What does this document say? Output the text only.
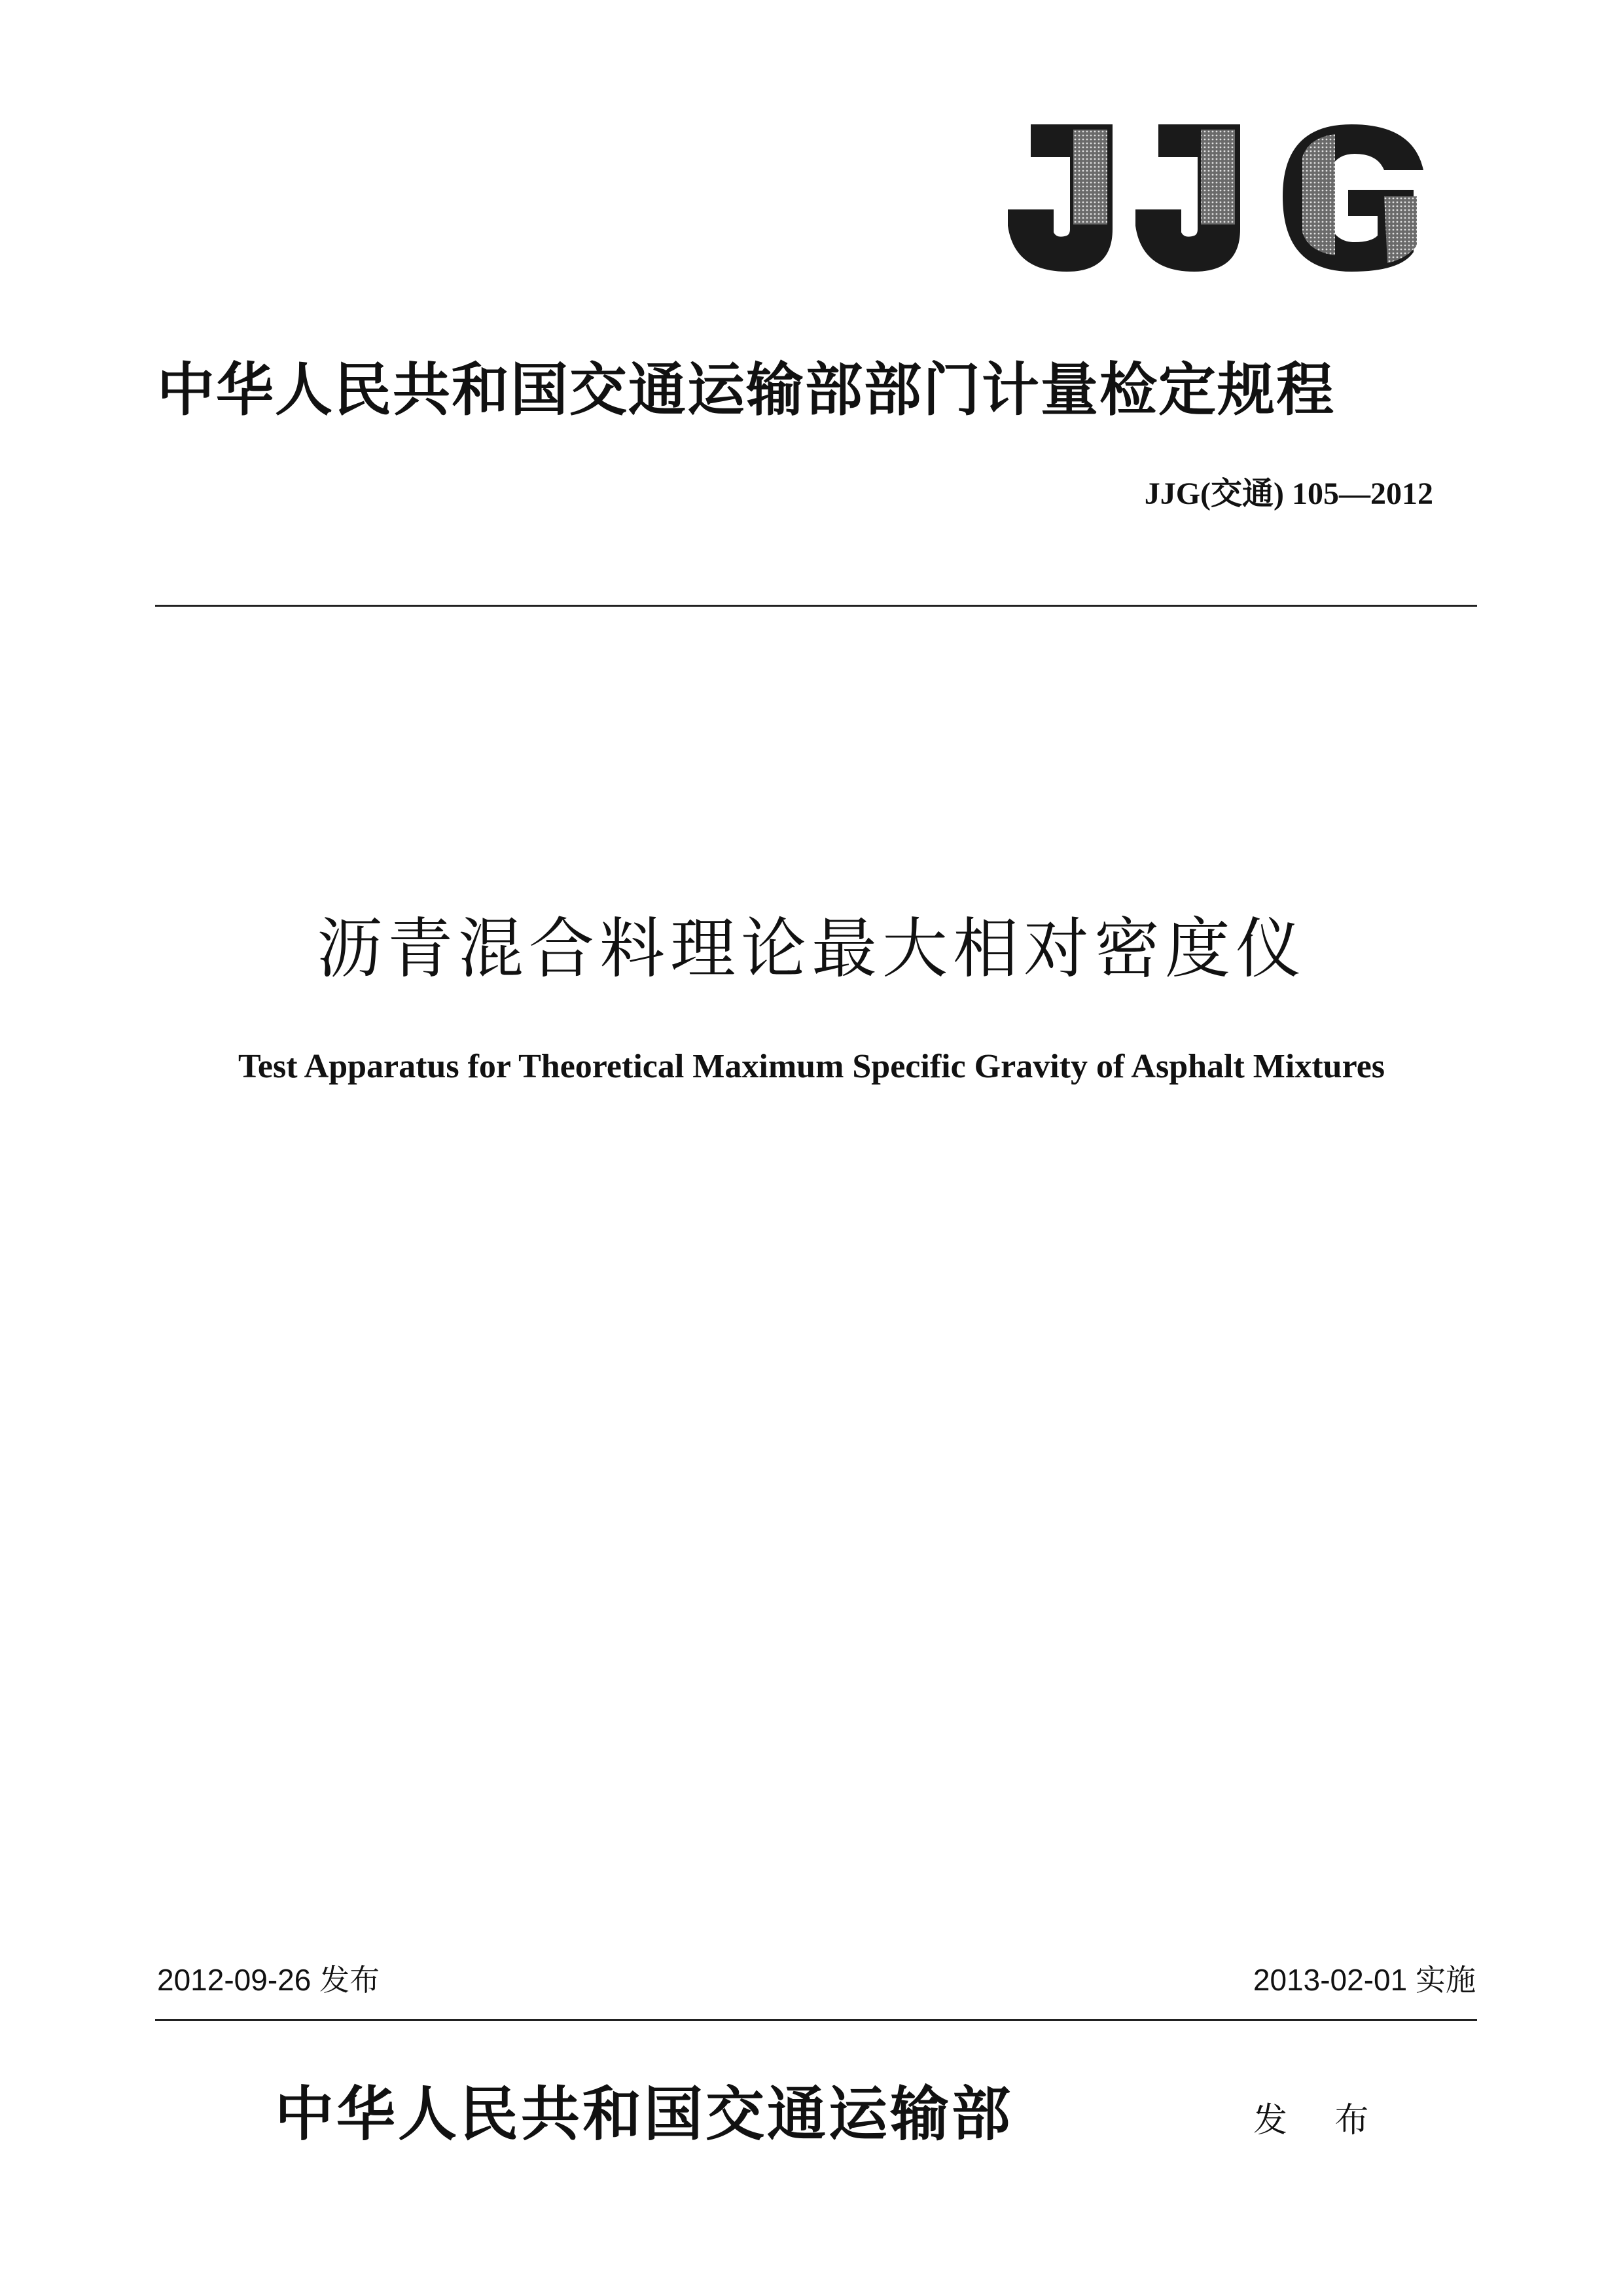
中华人民共和国交通运输部部门计量检定规程
JJG(交通) 105—2012
沥青混合料理论最大相对密度仪
Test Apparatus for Theoretical Maximum Specific Gravity of Asphalt Mixtures
2012-09-26 发布	2013-02-01 实施
中华人民共和国交通运输部	发 布
